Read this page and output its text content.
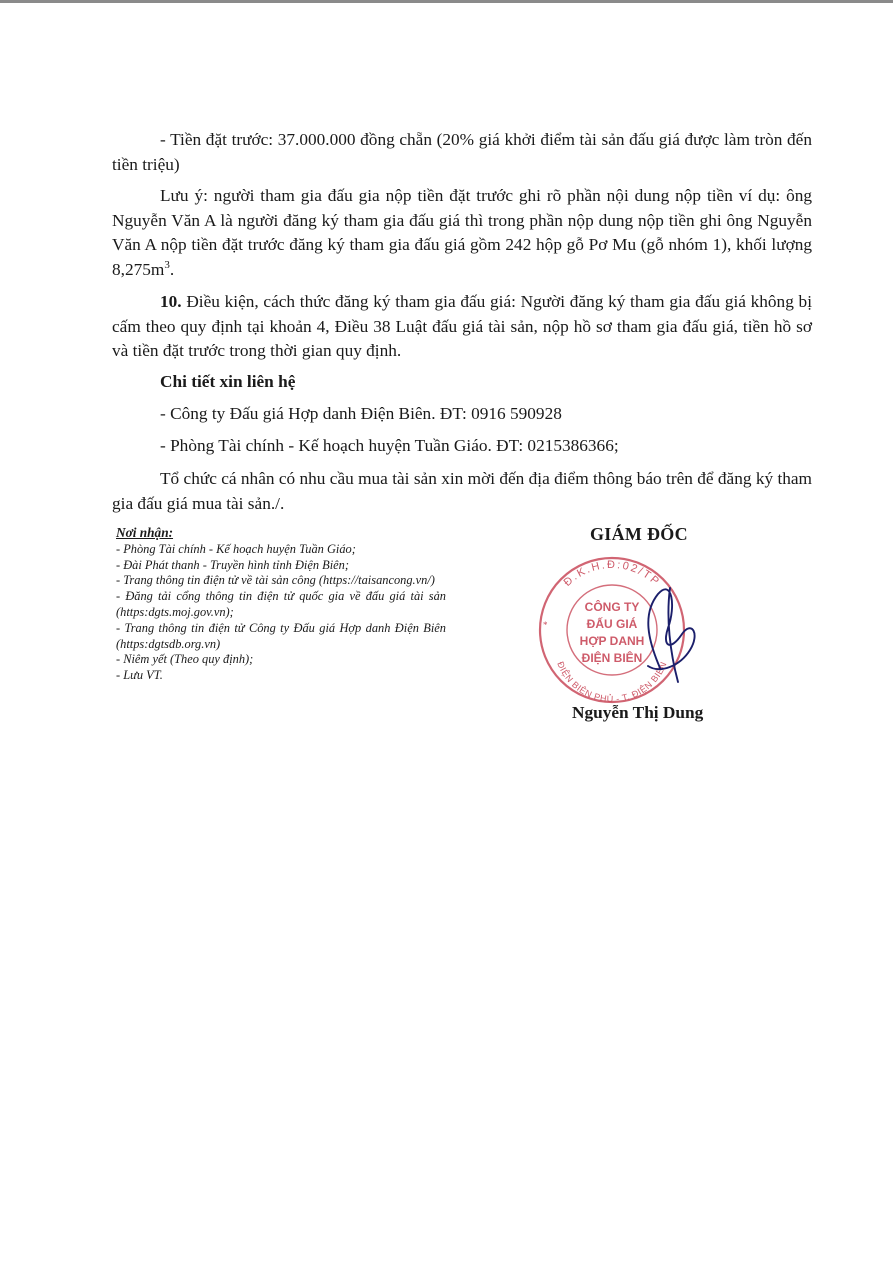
- Tiền đặt trước: 37.000.000 đồng chẵn (20% giá khởi điểm tài sản đấu giá được làm tròn đến tiền triệu)

Lưu ý: người tham gia đấu gia nộp tiền đặt trước ghi rõ phần nội dung nộp tiền ví dụ: ông Nguyễn Văn A là người đăng ký tham gia đấu giá thì trong phần nộp dung nộp tiền ghi ông Nguyễn Văn A nộp tiền đặt trước đăng ký tham gia đấu giá gồm 242 hộp gỗ Pơ Mu (gỗ nhóm 1), khối lượng $8,275m^3$.

10. Điều kiện, cách thức đăng ký tham gia đấu giá: Người đăng ký tham gia đấu giá không bị cấm theo quy định tại khoản 4, Điều 38 Luật đấu giá tài sản, nộp hồ sơ tham gia đấu giá, tiền hồ sơ và tiền đặt trước trong thời gian quy định.

Chi tiết xin liên hệ

- Công ty Đấu giá Hợp danh Điện Biên. ĐT: 0916 590928

- Phòng Tài chính - Kế hoạch huyện Tuần Giáo. ĐT: 0215386366;

Tổ chức cá nhân có nhu cầu mua tài sản xin mời đến địa điểm thông báo trên để đăng ký tham gia đấu giá mua tài sản./.

Nơi nhận:
- Phòng Tài chính - Kế hoạch huyện Tuần Giáo;
- Đài Phát thanh - Truyền hình tỉnh Điện Biên;
- Trang thông tin điện tử về tài sản công (https://taisancong.vn/)
- Đăng tải cổng thông tin điện tử quốc gia về đấu giá tài sản (https:dgts.moj.gov.vn);
- Trang thông tin điện tử Công ty Đấu giá Hợp danh Điện Biên (https:dgtsdb.org.vn)
- Niêm yết (Theo quy định);
- Lưu VT.
GIÁM ĐỐC
Đ.K.H.Đ:02/TP
ĐIỆN BIÊN PHỦ - T. ĐIỆN BIÊN
CÔNG TY
ĐẤU GIÁ
HỢP DANH
ĐIỆN BIÊN
*
Nguyễn Thị Dung
